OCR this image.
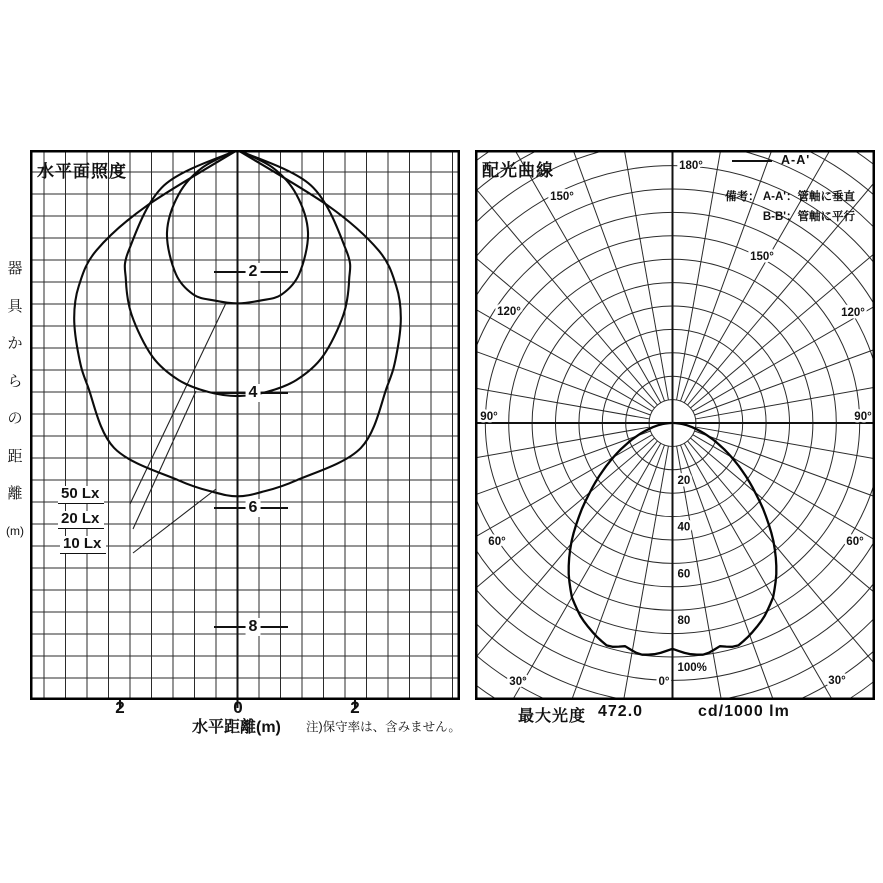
20
40
60
80
100%
0°
30°	30°
60°	60°
90°	90°
120°	120°
150°
150°
180°
水平面照度
器
具
か
ら
の
距
離
(m)
2
4
6
8
50 Lx
20 Lx
10 Lx
2	0	2
水平距離(m) 注)保守率は、含みません。
配光曲線
A-A'
備考： A-A'：管軸に垂直
B-B'：管軸に平行
最大光度 472.0	cd/1000 lm
